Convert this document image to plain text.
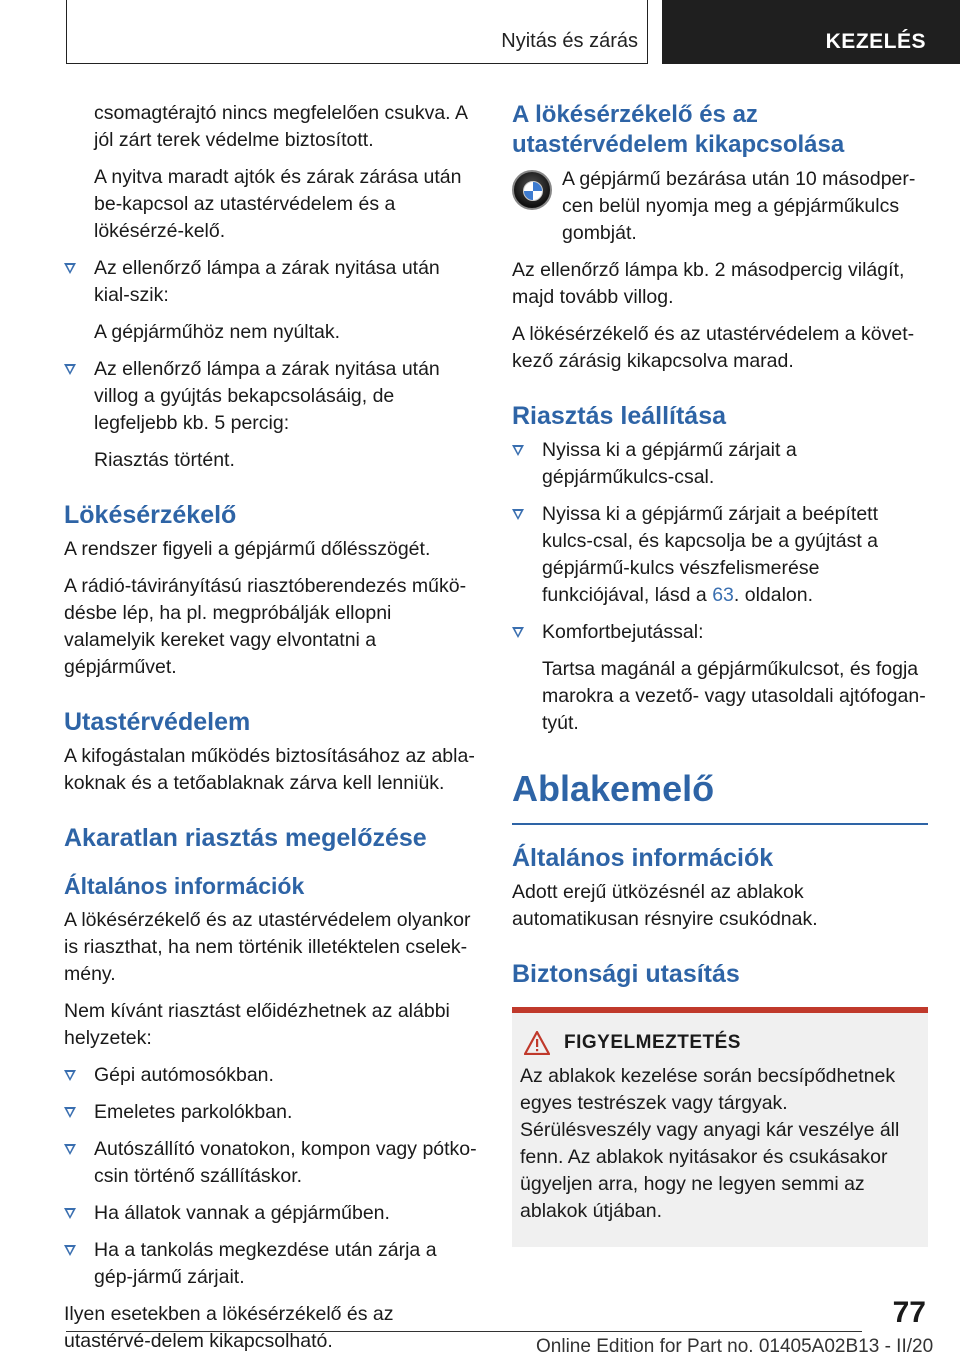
Nyitás és zárás	KEZELÉS

csomagtérajtó nincs megfelelően csukva. A jól zárt terek védelme biztosított.

A nyitva maradt ajtók és zárak zárása után be-kapcsol az utastérvédelem és a lökésérzé-kelő.

Az ellenőrző lámpa a zárak nyitása után kial-szik:

A gépjárműhöz nem nyúltak.

Az ellenőrző lámpa a zárak nyitása után villog a gyújtás bekapcsolásáig, de legfeljebb kb. 5 percig:

Riasztás történt.

Lökésérzékelő

A rendszer figyeli a gépjármű dőlésszögét.

A rádió-távirányítású riasztóberendezés műkö-désbe lép, ha pl. megpróbálják ellopni valamelyik kereket vagy elvontatni a gépjárművet.

Utastérvédelem

A kifogástalan működés biztosításához az abla-koknak és a tetőablaknak zárva kell lenniük.

Akaratlan riasztás megelőzése
Általános információk

A lökésérzékelő és az utastérvédelem olyankor is riaszthat, ha nem történik illetéktelen cselek-mény.

Nem kívánt riasztást előidézhetnek az alábbi helyzetek:

Gépi autómosókban.
Emeletes parkolókban.
Autószállító vonatokon, kompon vagy pótko-csin történő szállításkor.
Ha állatok vannak a gépjárműben.
Ha a tankolás megkezdése után zárja a gép-jármű zárjait.

Ilyen esetekben a lökésérzékelő és az utastérvé-delem kikapcsolható.

A lökésérzékelő és az utastérvédelem kikapcsolása

A gépjármű bezárása után 10 másodper-cen belül nyomja meg a gépjárműkulcs gombját.

Az ellenőrző lámpa kb. 2 másodpercig világít, majd tovább villog.

A lökésérzékelő és az utastérvédelem a követ-kező zárásig kikapcsolva marad.

Riasztás leállítása
Nyissa ki a gépjármű zárjait a gépjárműkulcs-csal.
Nyissa ki a gépjármű zárjait a beépített kulcs-csal, és kapcsolja be a gyújtást a gépjármű-kulcs vészfelismerése funkciójával, lásd a 63. oldalon.
Komfortbejutással:

Tartsa magánál a gépjárműkulcsot, és fogja marokra a vezető- vagy utasoldali ajtófogan-tyút.

Ablakemelő
Általános információk

Adott erejű ütközésnél az ablakok automatikusan résnyire csukódnak.

Biztonsági utasítás
FIGYELMEZTETÉS

Az ablakok kezelése során becsípődhetnek egyes testrészek vagy tárgyak. Sérülésveszély vagy anyagi kár veszélye áll fenn. Az ablakok nyitásakor és csukásakor ügyeljen arra, hogy ne legyen semmi az ablakok útjában.

77
Online Edition for Part no. 01405A02B13 - II/20
